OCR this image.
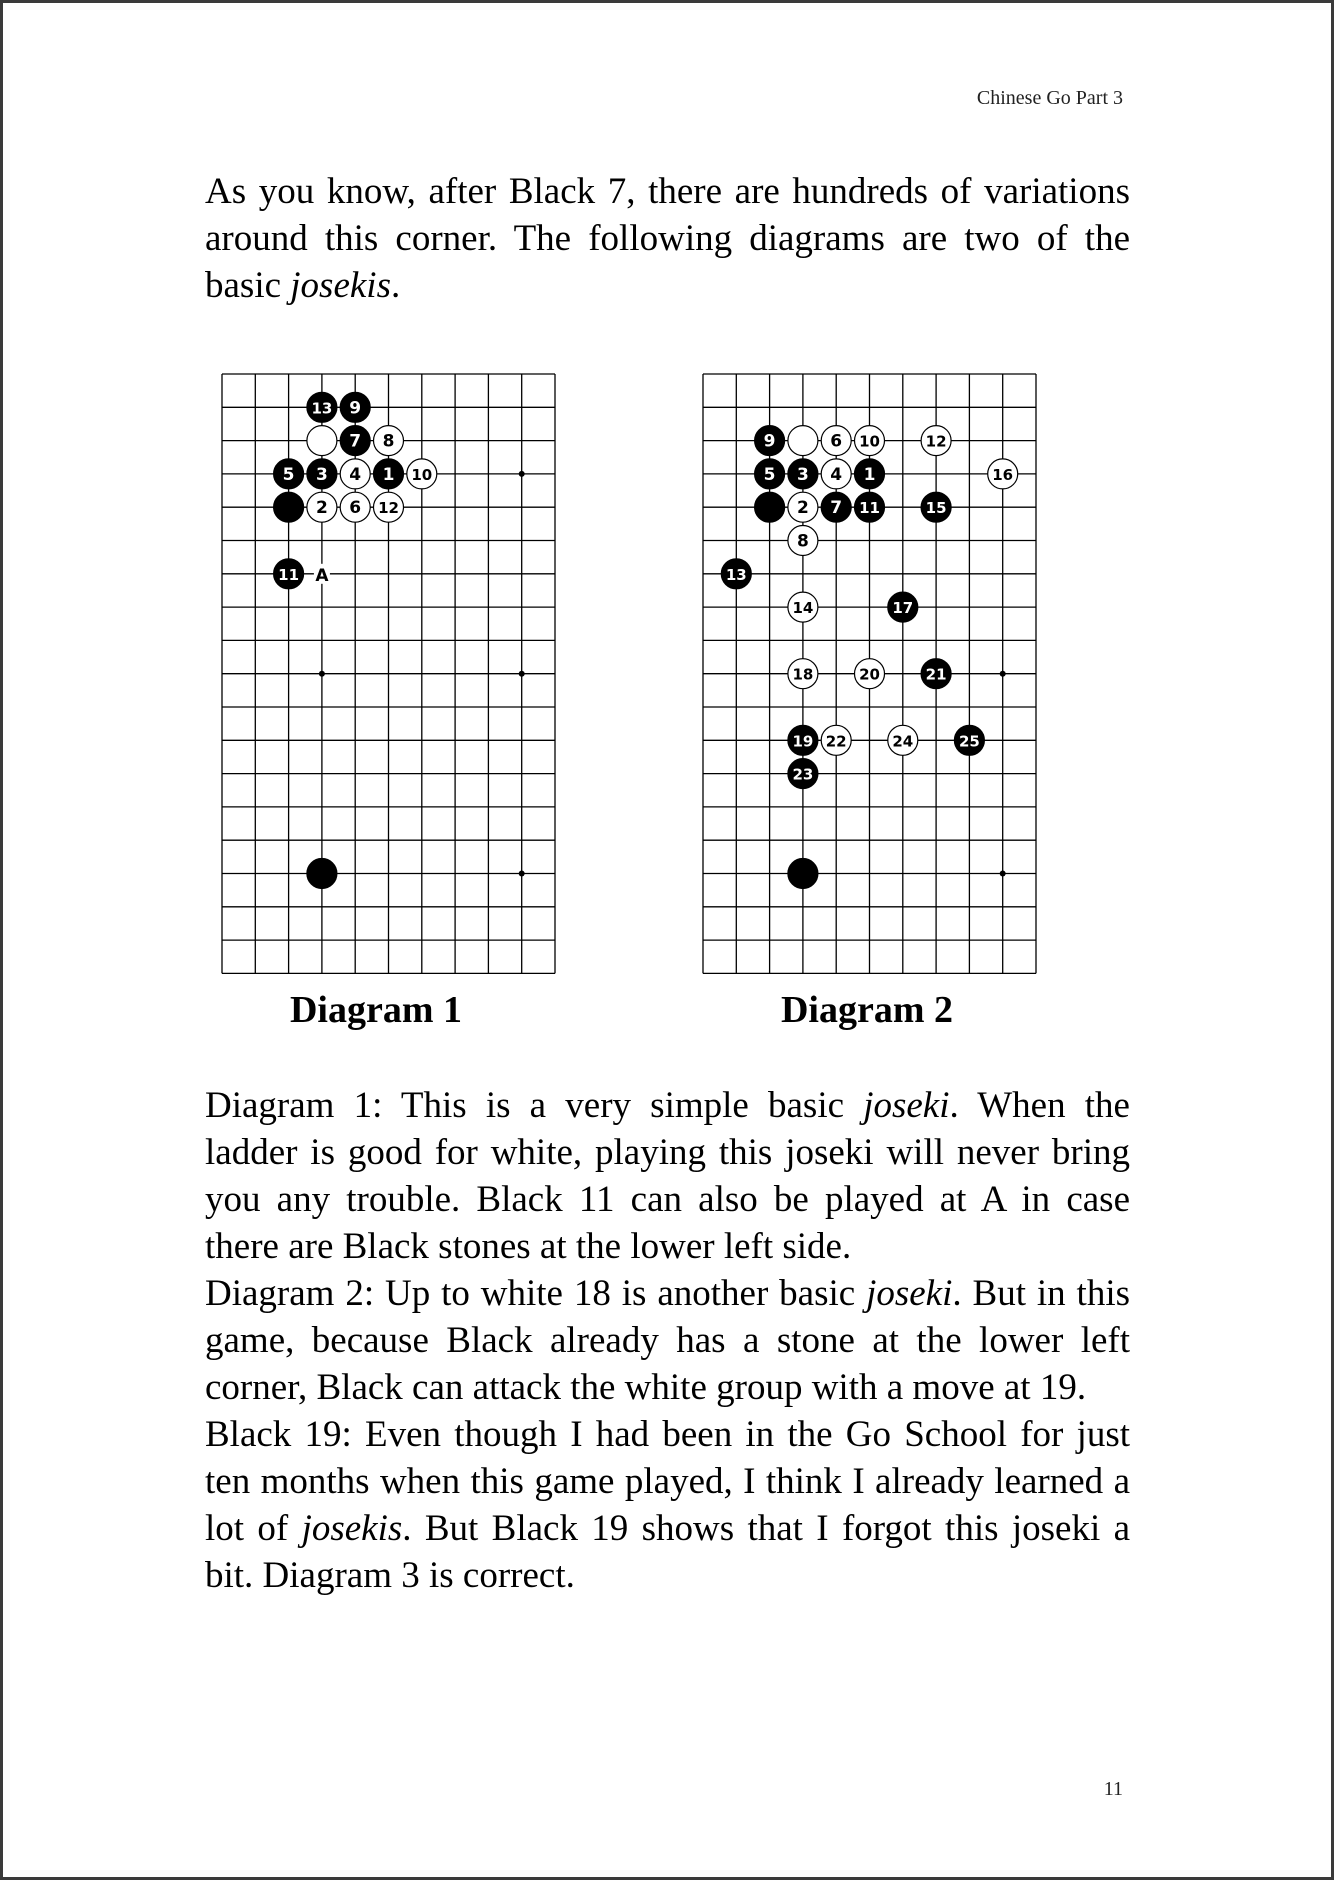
Chinese Go Part 3

As you know, after Black 7, there are hundreds of variations around this corner. The following diagrams are two of the basic josekis.

13 9
7 8
5 3 4 1 10
2 6 12
11 A
9	6 10	12
5 3 4 1	16
2 7 11	15
8
13
14	17
18	20	21
19 22	24	25
23
Diagram 1	Diagram 2

Diagram 1: This is a very simple basic joseki. When the ladder is good for white, playing this joseki will never bring you any trouble. Black 11 can also be played at A in case there are Black stones at the lower left side.

Diagram 2: Up to white 18 is another basic joseki. But in this game, because Black already has a stone at the lower left corner, Black can attack the white group with a move at 19.

Black 19: Even though I had been in the Go School for just ten months when this game played, I think I already learned a lot of josekis. But Black 19 shows that I forgot this joseki a bit. Diagram 3 is correct.

11
